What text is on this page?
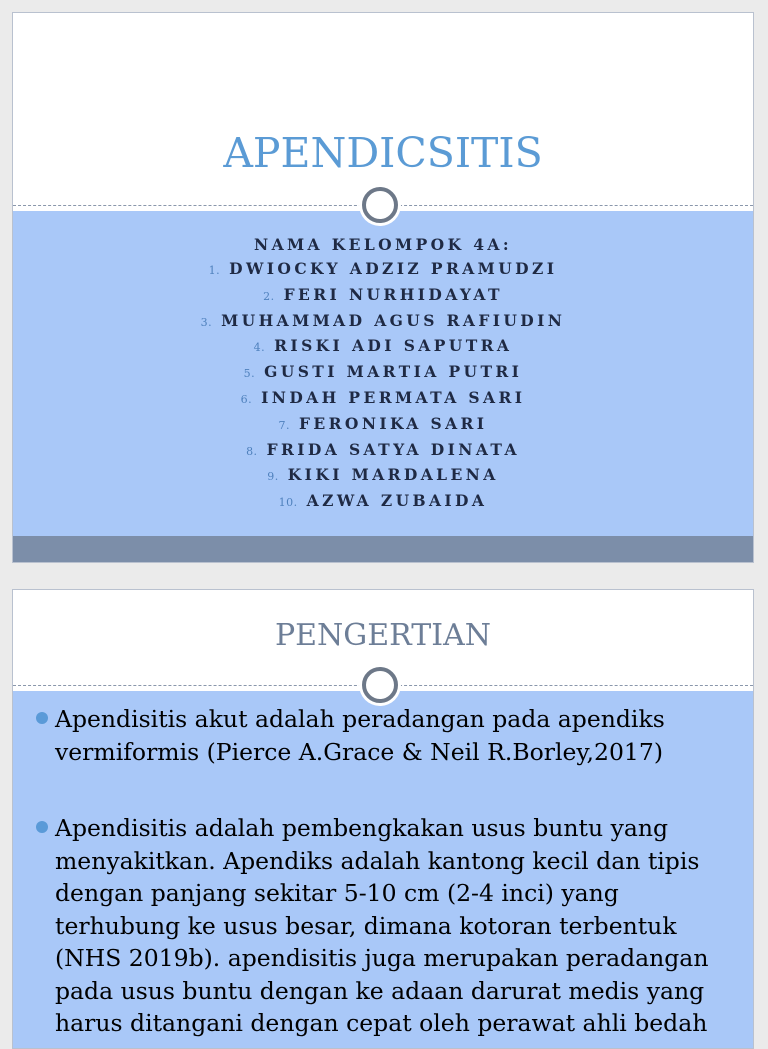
APENDICSITIS
NAMA KELOMPOK 4A:
1. DWIOCKY ADZIZ PRAMUDZI
2. FERI NURHIDAYAT
3. MUHAMMAD AGUS RAFIUDIN
4. RISKI ADI SAPUTRA
5. GUSTI MARTIA PUTRI
6. INDAH PERMATA SARI
7. FERONIKA SARI
8. FRIDA SATYA DINATA
9. KIKI MARDALENA
10. AZWA ZUBAIDA
PENGERTIAN
Apendisitis akut adalah peradangan pada apendiks vermiformis (Pierce A.Grace & Neil R.Borley,2017)
Apendisitis adalah pembengkakan usus buntu yang menyakitkan. Apendiks adalah kantong kecil dan tipis dengan panjang sekitar 5-10 cm (2-4 inci) yang terhubung ke usus besar, dimana kotoran terbentuk (NHS 2019b). apendisitis juga merupakan peradangan pada usus buntu dengan ke adaan darurat medis yang harus ditangani dengan cepat oleh perawat ahli bedah
